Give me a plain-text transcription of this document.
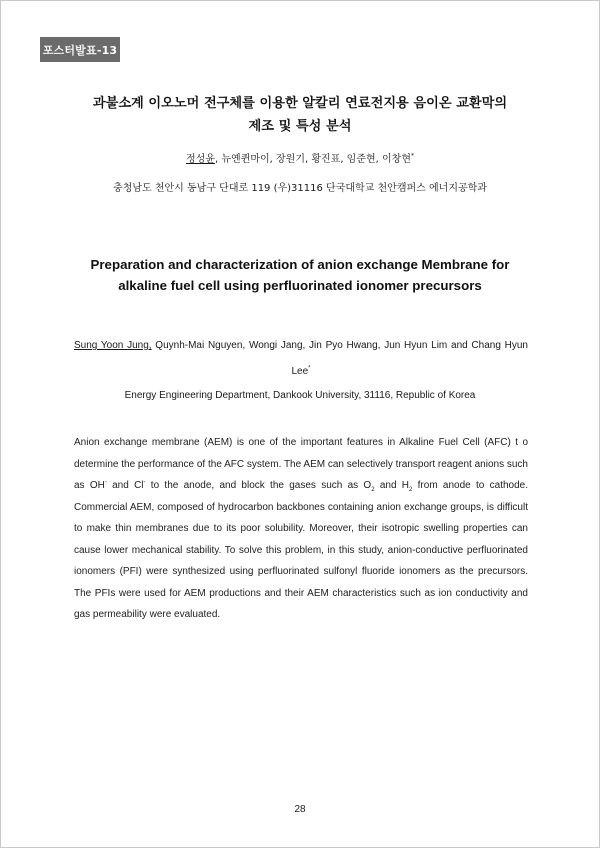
포스터발표-13
과불소계 이오노머 전구체를 이용한 알칼리 연료전지용 음이온 교환막의
제조 및 특성 분석
정성윤, 뉴옌퀸마이, 장원기, 황진표, 임준현, 이창현*
충청남도 천안시 동남구 단대로 119 (우)31116 단국대학교 천안캠퍼스 에너지공학과
Preparation and characterization of anion exchange Membrane for
alkaline fuel cell using perfluorinated ionomer precursors
Sung Yoon Jung, Quynh-Mai Nguyen, Wongi Jang, Jin Pyo Hwang, Jun Hyun Lim and Chang Hyun Lee*
Energy Engineering Department, Dankook University, 31116, Republic of Korea

Anion exchange membrane (AEM) is one of the important features in Alkaline Fuel Cell (AFC) t o determine the performance of the AFC system. The AEM can selectively transport reagent anions such as OH- and Cl- to the anode, and block the gases such as $O_2$ and $H_2$ from anode to cathode. Commercial AEM, composed of hydrocarbon backbones containing anion exchange groups, is difficult to make thin membranes due to its poor solubility. Moreover, their isotropic swelling properties can cause lower mechanical stability. To solve this problem, in this study, anion-conductive perfluorinated ionomers (PFI) were synthesized using perfluorinated sulfonyl fluoride ionomers as the precursors. The PFIs were used for AEM productions and their AEM characteristics such as ion conductivity and gas permeability were evaluated.

28
